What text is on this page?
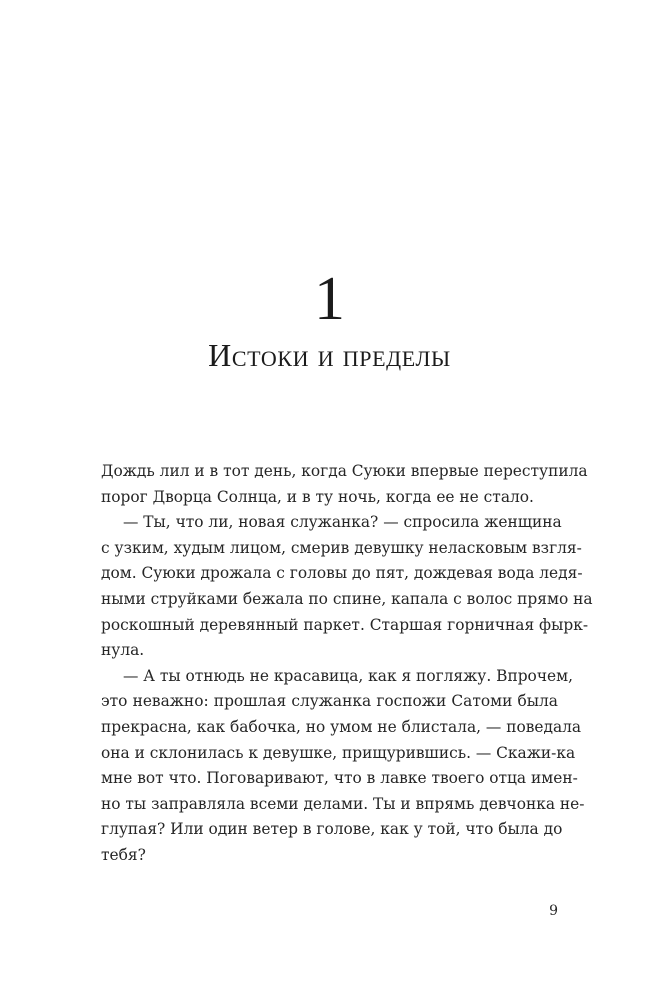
1
Истоки и пределы
Дождь лил и в тот день, когда Суюки впервые переступила
порог Дворца Солнца, и в ту ночь, когда ее не стало.
— Ты, что ли, новая служанка? — спросила женщина
с узким, худым лицом, смерив девушку неласковым взгля-
дом. Суюки дрожала с головы до пят, дождевая вода ледя-
ными струйками бежала по спине, капала с волос прямо на
роскошный деревянный паркет. Старшая горничная фырк-
нула.
— А ты отнюдь не красавица, как я погляжу. Впрочем,
это неважно: прошлая служанка госпожи Сатоми была
прекрасна, как бабочка, но умом не блистала, — поведала
она и склонилась к девушке, прищурившись. — Скажи-ка
мне вот что. Поговаривают, что в лавке твоего отца имен-
но ты заправляла всеми делами. Ты и впрямь девчонка не-
глупая? Или один ветер в голове, как у той, что была до
тебя?
9
